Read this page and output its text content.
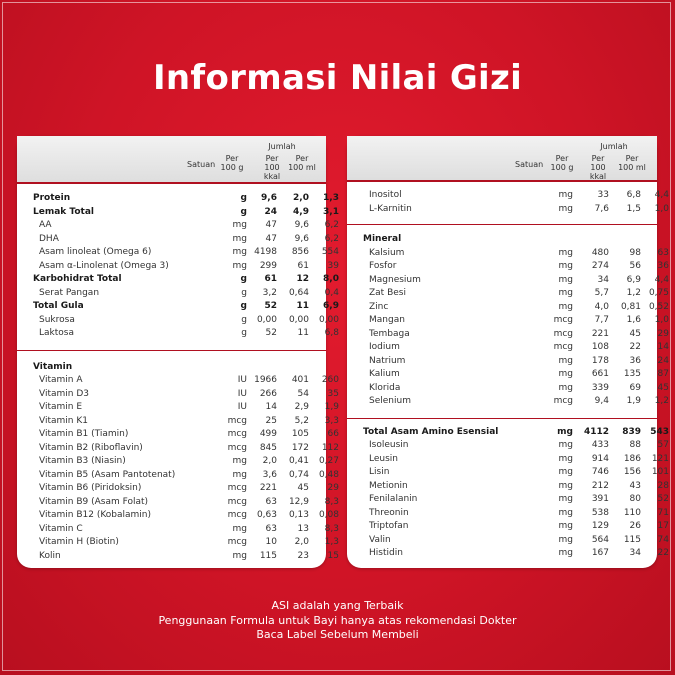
Informasi Nilai Gizi
Jumlah
Satuan
Per
100 g
Per
100 kkal
Per
100 ml
Protein	g	9,6	2,0	1,3
Lemak Total	g	24	4,9	3,1
AA	mg	47	9,6	6,2
DHA	mg	47	9,6	6,2
Asam linoleat (Omega 6)	mg 4198	856	554
Asam α-Linolenat (Omega 3)	mg	299	61	39
Karbohidrat Total	g	61	12	8,0
Serat Pangan	g	3,2	0,64	0,4
Total Gula	g	52	11	6,9
Sukrosa	g	0,00	0,00	0,00
Laktosa	g	52	11	6,8
Vitamin
Vitamin A	IU 1966	401	260
Vitamin D3	IU	266	54	35
Vitamin E	IU	14	2,9	1,9
Vitamin K1	mcg	25	5,2	3,3
Vitamin B1 (Tiamin)	mcg	499	105	66
Vitamin B2 (Riboflavin)	mcg	845	172	112
Vitamin B3 (Niasin)	mg	2,0	0,41	0,27
Vitamin B5 (Asam Pantotenat)	mg	3,6	0,74	0,48
Vitamin B6 (Piridoksin)	mcg	221	45	29
Vitamin B9 (Asam Folat)	mcg	63	12,9	8,3
Vitamin B12 (Kobalamin)	mcg	0,63	0,13	0,08
Vitamin C	mg	63	13	8,3
Vitamin H (Biotin)	mcg	10	2,0	1,3
Kolin	mg	115	23	15
Jumlah
Satuan
Per
100 g
Per
100 kkal
Per
100 ml
Inositol	mg	33	6,8	4,4
L-Karnitin	mg	7,6	1,5	1,0
Mineral
Kalsium	mg	480	98	63
Fosfor	mg	274	56	36
Magnesium	mg	34	6,9	4,4
Zat Besi	mg	5,7	1,2 0,75
Zinc	mg	4,0	0,81 0,52
Mangan	mcg	7,7	1,6	1,0
Tembaga	mcg	221	45	29
Iodium	mcg	108	22	14
Natrium	mg	178	36	24
Kalium	mg	661	135	87
Klorida	mg	339	69	45
Selenium	mcg	9,4	1,9	1,2
Total Asam Amino Esensial	mg	4112	839	543
Isoleusin	mg	433	88	57
Leusin	mg	914	186	121
Lisin	mg	746	156	101
Metionin	mg	212	43	28
Fenilalanin	mg	391	80	52
Threonin	mg	538	110	71
Triptofan	mg	129	26	17
Valin	mg	564	115	74
Histidin	mg	167	34	22
ASI adalah yang Terbaik
Penggunaan Formula untuk Bayi hanya atas rekomendasi Dokter
Baca Label Sebelum Membeli
